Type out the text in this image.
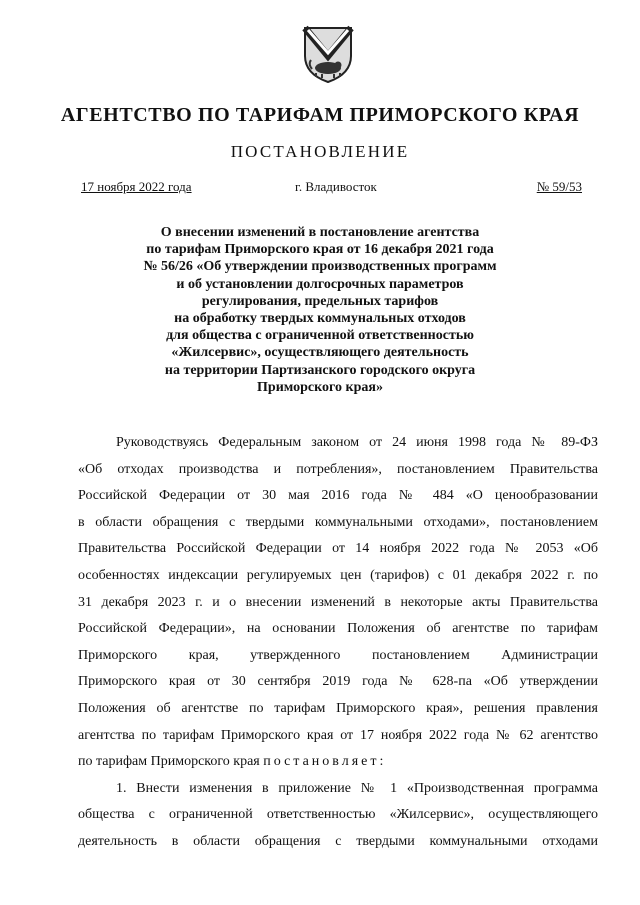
АГЕНТСТВО ПО ТАРИФАМ ПРИМОРСКОГО КРАЯ
ПОСТАНОВЛЕНИЕ
17 ноября 2022 года	г. Владивосток	№ 59/53
О внесении изменений в постановление агентства
по тарифам Приморского края от 16 декабря 2021 года
№ 56/26 «Об утверждении производственных программ
и об установлении долгосрочных параметров
регулирования, предельных тарифов
на обработку твердых коммунальных отходов
для общества с ограниченной ответственностью
«Жилсервис», осуществляющего деятельность
на территории Партизанского городского округа
Приморского края»
Руководствуясь Федеральным законом от 24 июня 1998 года № 89-ФЗ
«Об отходах производства и потребления», постановлением Правительства
Российской Федерации от 30 мая 2016 года № 484 «О ценообразовании
в области обращения с твердыми коммунальными отходами», постановлением
Правительства Российской Федерации от 14 ноября 2022 года № 2053 «Об
особенностях индексации регулируемых цен (тарифов) с 01 декабря 2022 г. по
31 декабря 2023 г. и о внесении изменений в некоторые акты Правительства
Российской Федерации», на основании Положения об агентстве по тарифам
Приморского края, утвержденного постановлением Администрации
Приморского края от 30 сентября 2019 года № 628-па «Об утверждении
Положения об агентстве по тарифам Приморского края», решения правления
агентства по тарифам Приморского края от 17 ноября 2022 года № 62 агентство
по тарифам Приморского края постановляет:
1. Внести изменения в приложение № 1 «Производственная программа
общества с ограниченной ответственностью «Жилсервис», осуществляющего
деятельность в области обращения с твердыми коммунальными отходами
